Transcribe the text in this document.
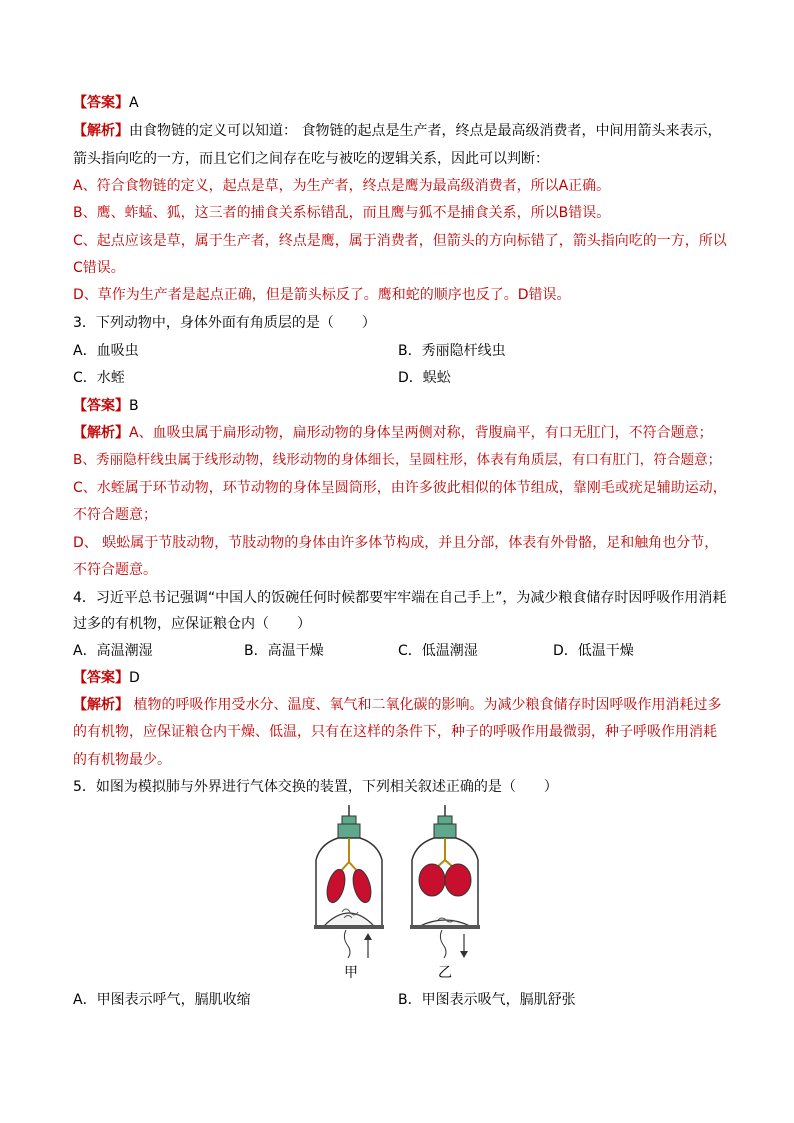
【答案】A
【解析】由食物链的定义可以知道： 食物链的起点是生产者，终点是最高级消费者，中间用箭头来表示，
箭头指向吃的一方，而且它们之间存在吃与被吃的逻辑关系，因此可以判断：
A、符合食物链的定义，起点是草，为生产者，终点是鹰为最高级消费者，所以A正确。
B、鹰、蚱蜢、狐，这三者的捕食关系标错乱，而且鹰与狐不是捕食关系，所以B错误。
C、起点应该是草，属于生产者，终点是鹰，属于消费者，但箭头的方向标错了，箭头指向吃的一方，所以
C错误。
D、草作为生产者是起点正确，但是箭头标反了。鹰和蛇的顺序也反了。D错误。
3．下列动物中，身体外面有角质层的是（　　）
A．血吸虫	B．秀丽隐杆线虫
C．水蛭	D．蜈蚣
【答案】B
【解析】A、血吸虫属于扁形动物，扁形动物的身体呈两侧对称，背腹扁平，有口无肛门，不符合题意；
B、秀丽隐杆线虫属于线形动物，线形动物的身体细长，呈圆柱形，体表有角质层，有口有肛门，符合题意；
C、水蛭属于环节动物，环节动物的身体呈圆筒形，由许多彼此相似的体节组成，靠刚毛或疣足辅助运动，
不符合题意；
D、 蜈蚣属于节肢动物，节肢动物的身体由许多体节构成，并且分部，体表有外骨骼，足和触角也分节，
不符合题意。
4．习近平总书记强调“中国人的饭碗任何时候都要牢牢端在自己手上”，为减少粮食储存时因呼吸作用消耗
过多的有机物，应保证粮仓内（　　）
A．高温潮湿	B．高温干燥	C．低温潮湿	D．低温干燥
【答案】D
【解析】 植物的呼吸作用受水分、温度、氧气和二氧化碳的影响。为减少粮食储存时因呼吸作用消耗过多
的有机物，应保证粮仓内干燥、低温，只有在这样的条件下，种子的呼吸作用最微弱，种子呼吸作用消耗
的有机物最少。
5．如图为模拟肺与外界进行气体交换的装置，下列相关叙述正确的是（　　）
甲	乙
A．甲图表示呼气，膈肌收缩	B．甲图表示吸气，膈肌舒张
